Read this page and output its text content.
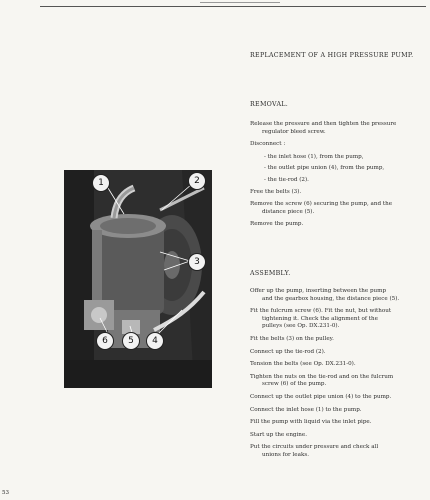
REPLACEMENT OF A HIGH PRESSURE PUMP.
REMOVAL.
Release the pressure and then tighten the pressure
regulator bleed screw.
Disconnect :
- the inlet hose (1), from the pump,
- the outlet pipe union (4), from the pump,
- the tie-rod (2).
Free the belts (3).
Remove the screw (6) securing the pump, and the
distance piece (5).
Remove the pump.
ASSEMBLY.
Offer up the pump, inserting between the pump
and the gearbox housing, the distance piece (5).
Fit the fulcrum screw (6). Fit the nut, but without
tightening it. Check the alignment of the
pulleys (see Op. DX.231-0).
Fit the belts (3) on the pulley.
Connect up the tie-rod (2).
Tension the belts (see Op. DX.231-0).
Tighten the nuts on the tie-rod and on the fulcrum
screw (6) of the pump.
Connect up the outlet pipe union (4) to the pump.
Connect the inlet hose (1) to the pump.
Fill the pump with liquid via the inlet pipe.
Start up the engine.
Put the circuits under pressure and check all
unions for leaks.
1	2
3
6	5	4
53
